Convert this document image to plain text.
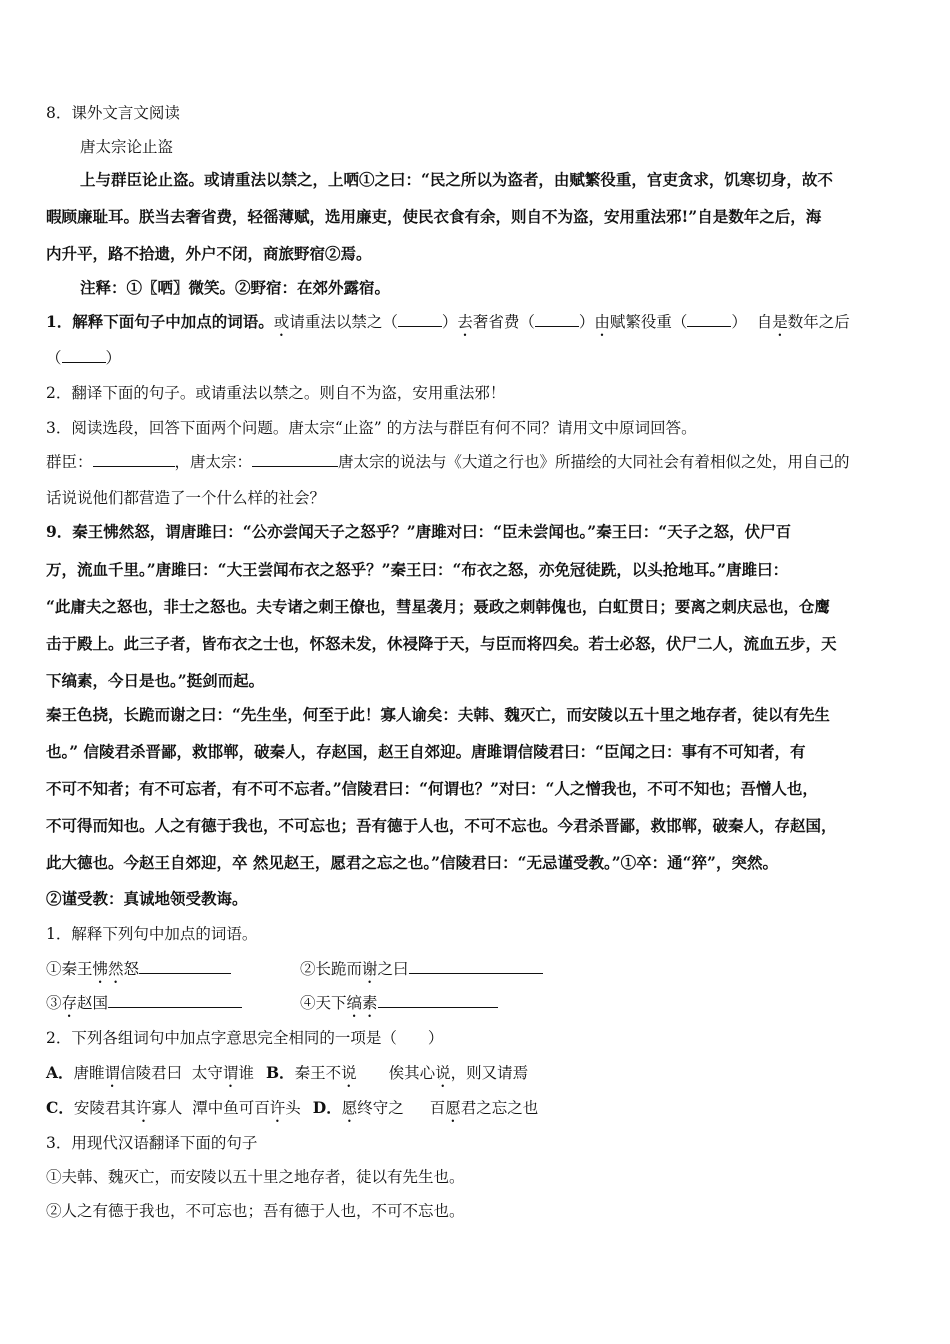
8．课外文言文阅读
唐太宗论止盗
上与群臣论止盗。或请重法以禁之，上哂①之曰：“民之所以为盗者，由赋繁役重，官吏贪求，饥寒切身，故不
暇顾廉耻耳。朕当去奢省费，轻徭薄赋，选用廉吏，使民衣食有余，则自不为盗，安用重法邪!”自是数年之后，海
内升平，路不拾遗，外户不闭，商旅野宿②焉。
注释：①〖哂〗微笑。②野宿：在郊外露宿。
1．解释下面句子中加点的词语。或请重法以禁之（	）去奢省费（	）由赋繁役重（	）  自是数年之后
（	）
2．翻译下面的句子。或请重法以禁之。则自不为盗，安用重法邪！
3．阅读选段，回答下面两个问题。唐太宗“止盗” 的方法与群臣有何不同？请用文中原词回答。
群臣：	，唐太宗：	唐太宗的说法与《大道之行也》所描绘的大同社会有着相似之处，用自己的
话说说他们都营造了一个什么样的社会？
9．秦王怫然怒，谓唐雎曰：“公亦尝闻天子之怒乎？”唐雎对曰：“臣未尝闻也。”秦王曰：“天子之怒，伏尸百
万，流血千里。”唐雎曰：“大王尝闻布衣之怒乎？”秦王曰：“布衣之怒，亦免冠徒跣，以头抢地耳。”唐雎曰：
“此庸夫之怒也，非士之怒也。夫专诸之刺王僚也，彗星袭月；聂政之刺韩傀也，白虹贯日；要离之刺庆忌也，仓鹰
击于殿上。此三子者，皆布衣之士也，怀怒未发，休祲降于天，与臣而将四矣。若士必怒，伏尸二人，流血五步，天
下缟素，今日是也。”挺剑而起。
秦王色挠，长跪而谢之曰：“先生坐，何至于此！寡人谕矣：夫韩、魏灭亡，而安陵以五十里之地存者，徒以有先生
也。” 信陵君杀晋鄙，救邯郸，破秦人，存赵国，赵王自郊迎。唐雎谓信陵君曰：“臣闻之曰：事有不可知者，有
不可不知者；有不可忘者，有不可不忘者。”信陵君曰：“何谓也？”对曰：“人之憎我也，不可不知也；吾憎人也，
不可得而知也。人之有德于我也，不可忘也；吾有德于人也，不可不忘也。今君杀晋鄙，救邯郸，破秦人，存赵国，
此大德也。今赵王自郊迎，卒 然见赵王，愿君之忘之也。”信陵君曰：“无忌谨受教。”①卒：通“猝”，突然。
②谨受教：真诚地领受教诲。
1．解释下列句中加点的词语。
①秦王怫然怒	②长跪而谢之曰
③存赵国	④天下缟素
2．下列各组词句中加点字意思完全相同的一项是（　　）
A．唐睢谓信陵君曰  太守谓谁 B．秦王不说 俟其心说，则又请焉
C．安陵君其许寡人  潭中鱼可百许头 D．愿终守之 百愿君之忘之也
3．用现代汉语翻译下面的句子
①夫韩、魏灭亡，而安陵以五十里之地存者，徒以有先生也。
②人之有德于我也，不可忘也；吾有德于人也，不可不忘也。
